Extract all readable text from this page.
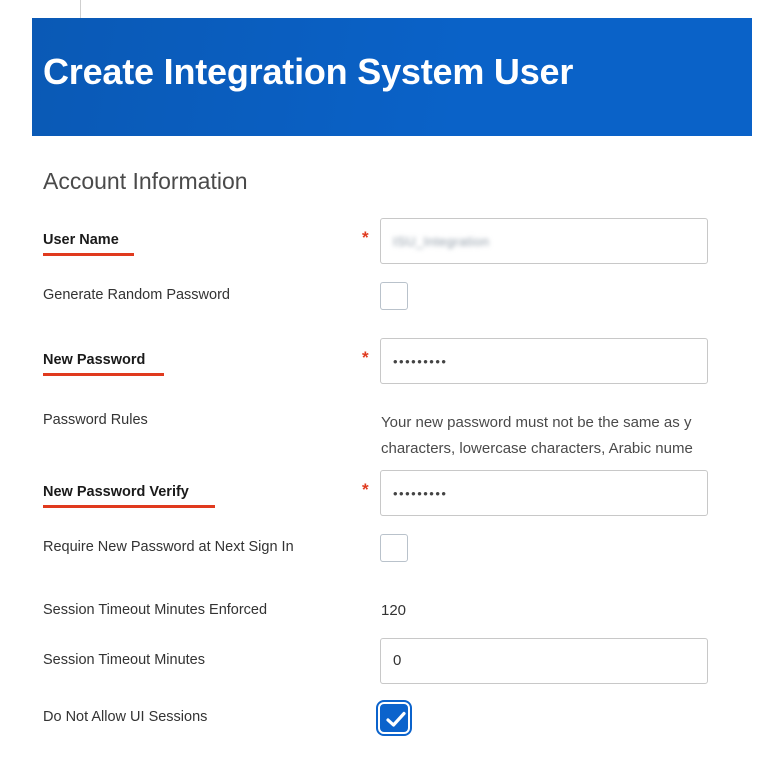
Create Integration System User
Account Information
User Name	* ISU_Integration
Generate Random Password
New Password	* •••••••••
Password Rules	Your new password must not be the same as y
characters, lowercase characters, Arabic nume
New Password Verify	* •••••••••
Require New Password at Next Sign In
Session Timeout Minutes Enforced	120
Session Timeout Minutes	0
Do Not Allow UI Sessions
